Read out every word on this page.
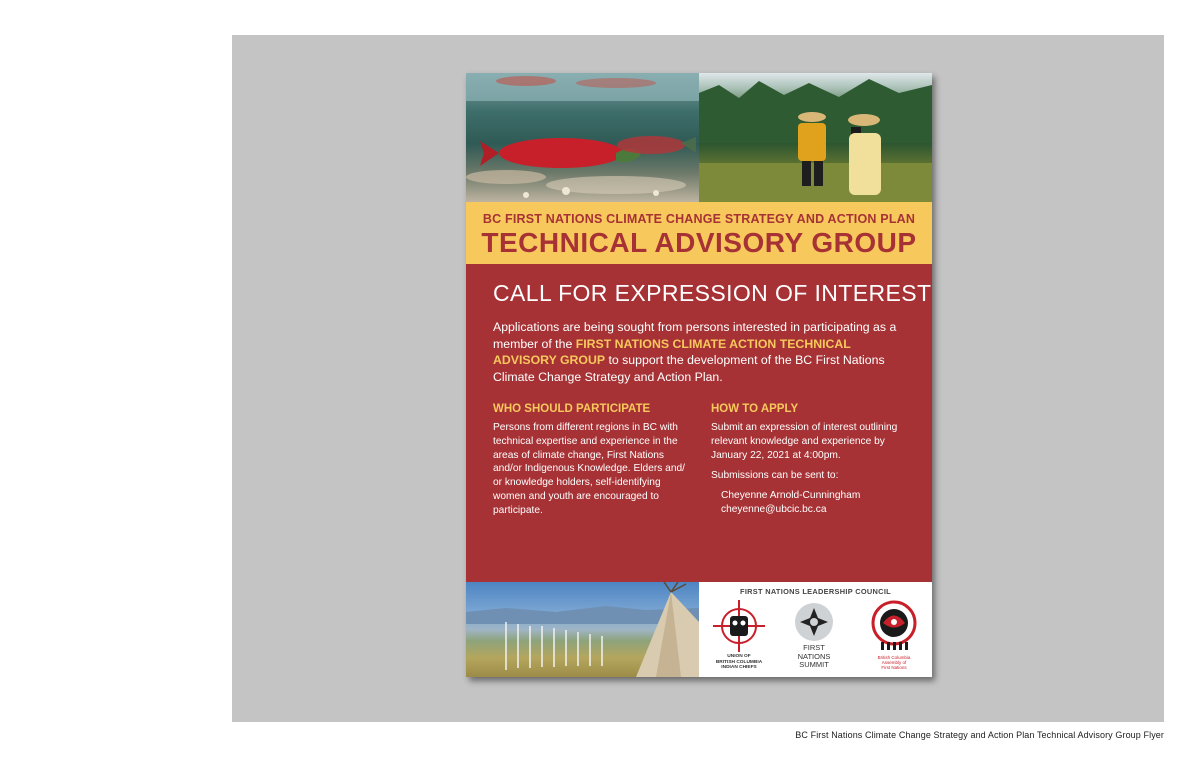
BC FIRST NATIONS CLIMATE CHANGE STRATEGY AND ACTION PLAN
TECHNICAL ADVISORY GROUP
CALL FOR EXPRESSION OF INTEREST
Applications are being sought from persons interested in participating as a member of the FIRST NATIONS CLIMATE ACTION TECHNICAL ADVISORY GROUP to support the development of the BC First Nations Climate Change Strategy and Action Plan.
WHO SHOULD PARTICIPATE
Persons from different regions in BC with technical expertise and experience in the areas of climate change, First Nations and/or Indigenous Knowledge. Elders and/ or knowledge holders, self-identifying women and youth are encouraged to participate.
HOW TO APPLY
Submit an expression of interest outlining relevant knowledge and experience by January 22, 2021 at 4:00pm.
Submissions can be sent to:
Cheyenne Arnold-Cunningham
cheyenne@ubcic.bc.ca
FIRST NATIONS LEADERSHIP COUNCIL
UNION OF
BRITISH COLUMBIA
INDIAN CHIEFS
FIRST
NATIONS
SUMMIT
British Columbia
Assembly of
First Nations
BC First Nations Climate Change Strategy and Action Plan Technical Advisory Group Flyer
